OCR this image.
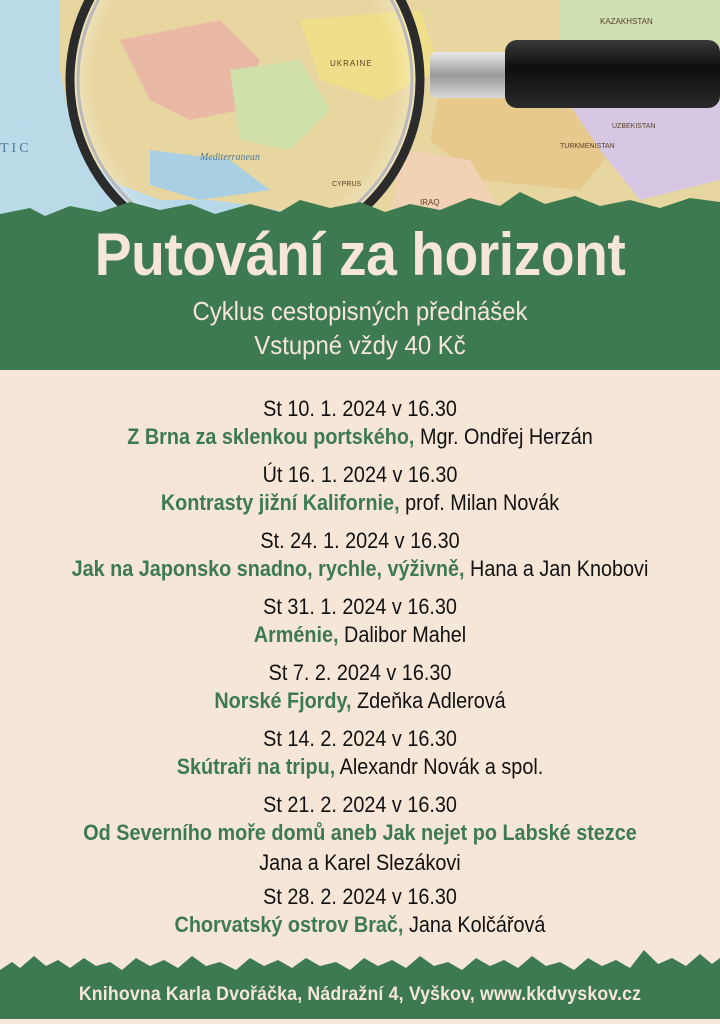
TIC
UKRAINE
Mediterranean
CYPRUS
IRAQ
TURKMENISTAN
UZBEKISTAN
KAZAKHSTAN
Putování za horizont
Cyklus cestopisných přednášek
Vstupné vždy 40 Kč
St 10. 1. 2024 v 16.30
Z Brna za sklenkou portského, Mgr. Ondřej Herzán
Út 16. 1. 2024 v 16.30
Kontrasty jižní Kalifornie, prof. Milan Novák
St. 24. 1. 2024 v 16.30
Jak na Japonsko snadno, rychle, výživně, Hana a Jan Knobovi
St 31. 1. 2024 v 16.30
Arménie, Dalibor Mahel
St 7. 2. 2024 v 16.30
Norské Fjordy, Zdeňka Adlerová
St 14. 2. 2024 v 16.30
Skútraři na tripu, Alexandr Novák a spol.
St 21. 2. 2024 v 16.30
Od Severního moře domů aneb Jak nejet po Labské stezce
Jana a Karel Slezákovi
St 28. 2. 2024 v 16.30
Chorvatský ostrov Brač, Jana Kolčářová
Knihovna Karla Dvořáčka, Nádražní 4, Vyškov, www.kkdvyskov.cz
